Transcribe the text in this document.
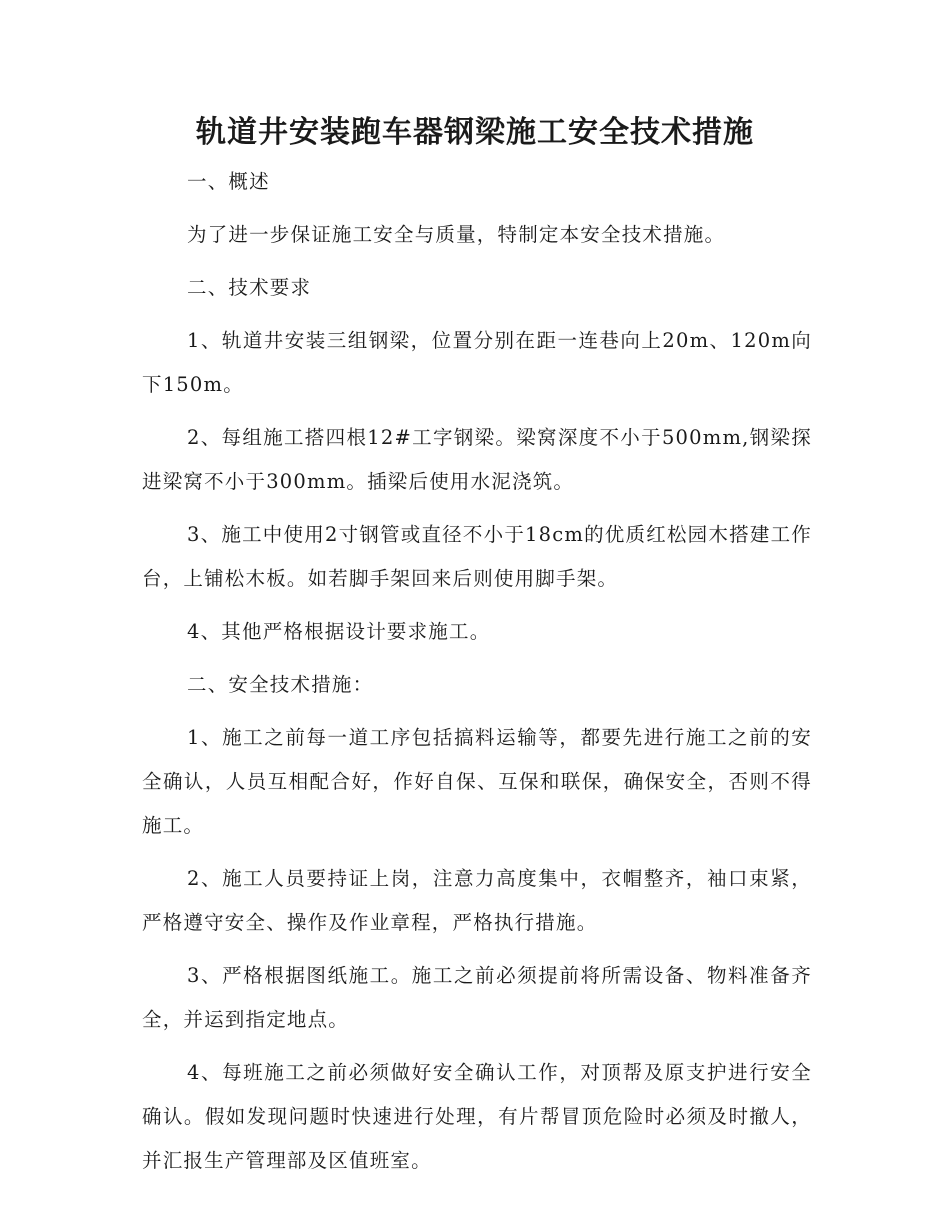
轨道井安装跑车器钢梁施工安全技术措施

一、概述

为了进一步保证施工安全与质量，特制定本安全技术措施。

二、技术要求

1、轨道井安装三组钢梁，位置分别在距一连巷向上20m、120m向下150m。

2、每组施工搭四根12#工字钢梁。梁窝深度不小于500mm,钢梁探进梁窝不小于300mm。插梁后使用水泥浇筑。

3、施工中使用2寸钢管或直径不小于18cm的优质红松园木搭建工作台，上铺松木板。如若脚手架回来后则使用脚手架。

4、其他严格根据设计要求施工。

二、安全技术措施：

1、施工之前每一道工序包括搞料运输等，都要先进行施工之前的安全确认，人员互相配合好，作好自保、互保和联保，确保安全，否则不得施工。

2、施工人员要持证上岗，注意力高度集中，衣帽整齐，袖口束紧，严格遵守安全、操作及作业章程，严格执行措施。

3、严格根据图纸施工。施工之前必须提前将所需设备、物料准备齐全，并运到指定地点。

4、每班施工之前必须做好安全确认工作，对顶帮及原支护进行安全确认。假如发现问题时快速进行处理，有片帮冒顶危险时必须及时撤人，并汇报生产管理部及区值班室。
